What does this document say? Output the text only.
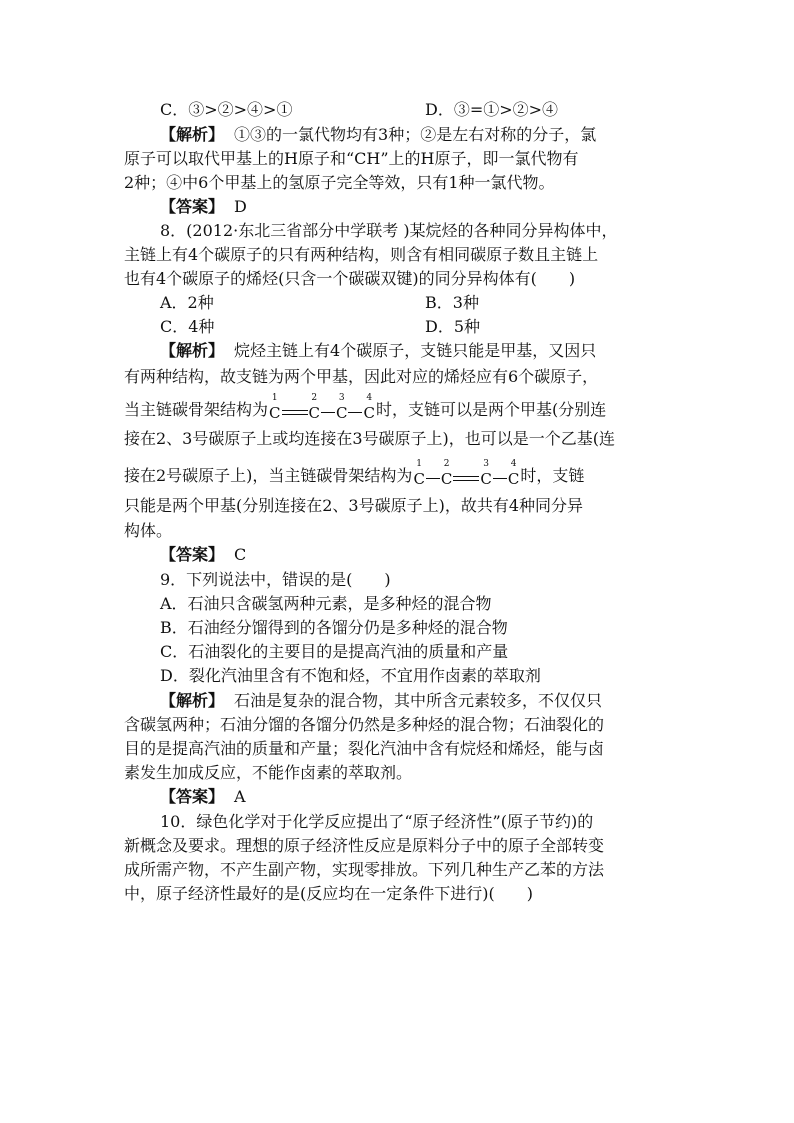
C．③>②>④>①	D．③=①>②>④
【解析】 ①③的一氯代物均有3种；②是左右对称的分子，氯
原子可以取代甲基上的H原子和“CH”上的H原子，即一氯代物有
2种；④中6个甲基上的氢原子完全等效，只有1种一氯代物。
【答案】 D
8．(2012·东北三省部分中学联考 )某烷烃的各种同分异构体中，
主链上有4个碳原子的只有两种结构，则含有相同碳原子数且主链上
也有4个碳原子的烯烃(只含一个碳碳双键)的同分异构体有(　　)
A．2种	B．3种
C．4种	D．5种
【解析】 烷烃主链上有4个碳原子，支链只能是甲基，又因只
有两种结构，故支链为两个甲基，因此对应的烯烃应有6个碳原子，
当主链碳骨架结构为
1
C
2
C
3
C
4
C 时，支链可以是两个甲基(分别连
接在2、3号碳原子上或均连接在3号碳原子上)，也可以是一个乙基(连
接在2号碳原子上)，当主链碳骨架结构为
1
C
2
C
3
C
4
C 时，支链
只能是两个甲基(分别连接在2、3号碳原子上)，故共有4种同分异
构体。
【答案】 C
9．下列说法中，错误的是(　　)
A．石油只含碳氢两种元素，是多种烃的混合物
B．石油经分馏得到的各馏分仍是多种烃的混合物
C．石油裂化的主要目的是提高汽油的质量和产量
D．裂化汽油里含有不饱和烃，不宜用作卤素的萃取剂
【解析】 石油是复杂的混合物，其中所含元素较多，不仅仅只
含碳氢两种；石油分馏的各馏分仍然是多种烃的混合物；石油裂化的
目的是提高汽油的质量和产量；裂化汽油中含有烷烃和烯烃，能与卤
素发生加成反应，不能作卤素的萃取剂。
【答案】 A
10．绿色化学对于化学反应提出了“原子经济性”(原子节约)的
新概念及要求。理想的原子经济性反应是原料分子中的原子全部转变
成所需产物，不产生副产物，实现零排放。下列几种生产乙苯的方法
中，原子经济性最好的是(反应均在一定条件下进行)(　　)
